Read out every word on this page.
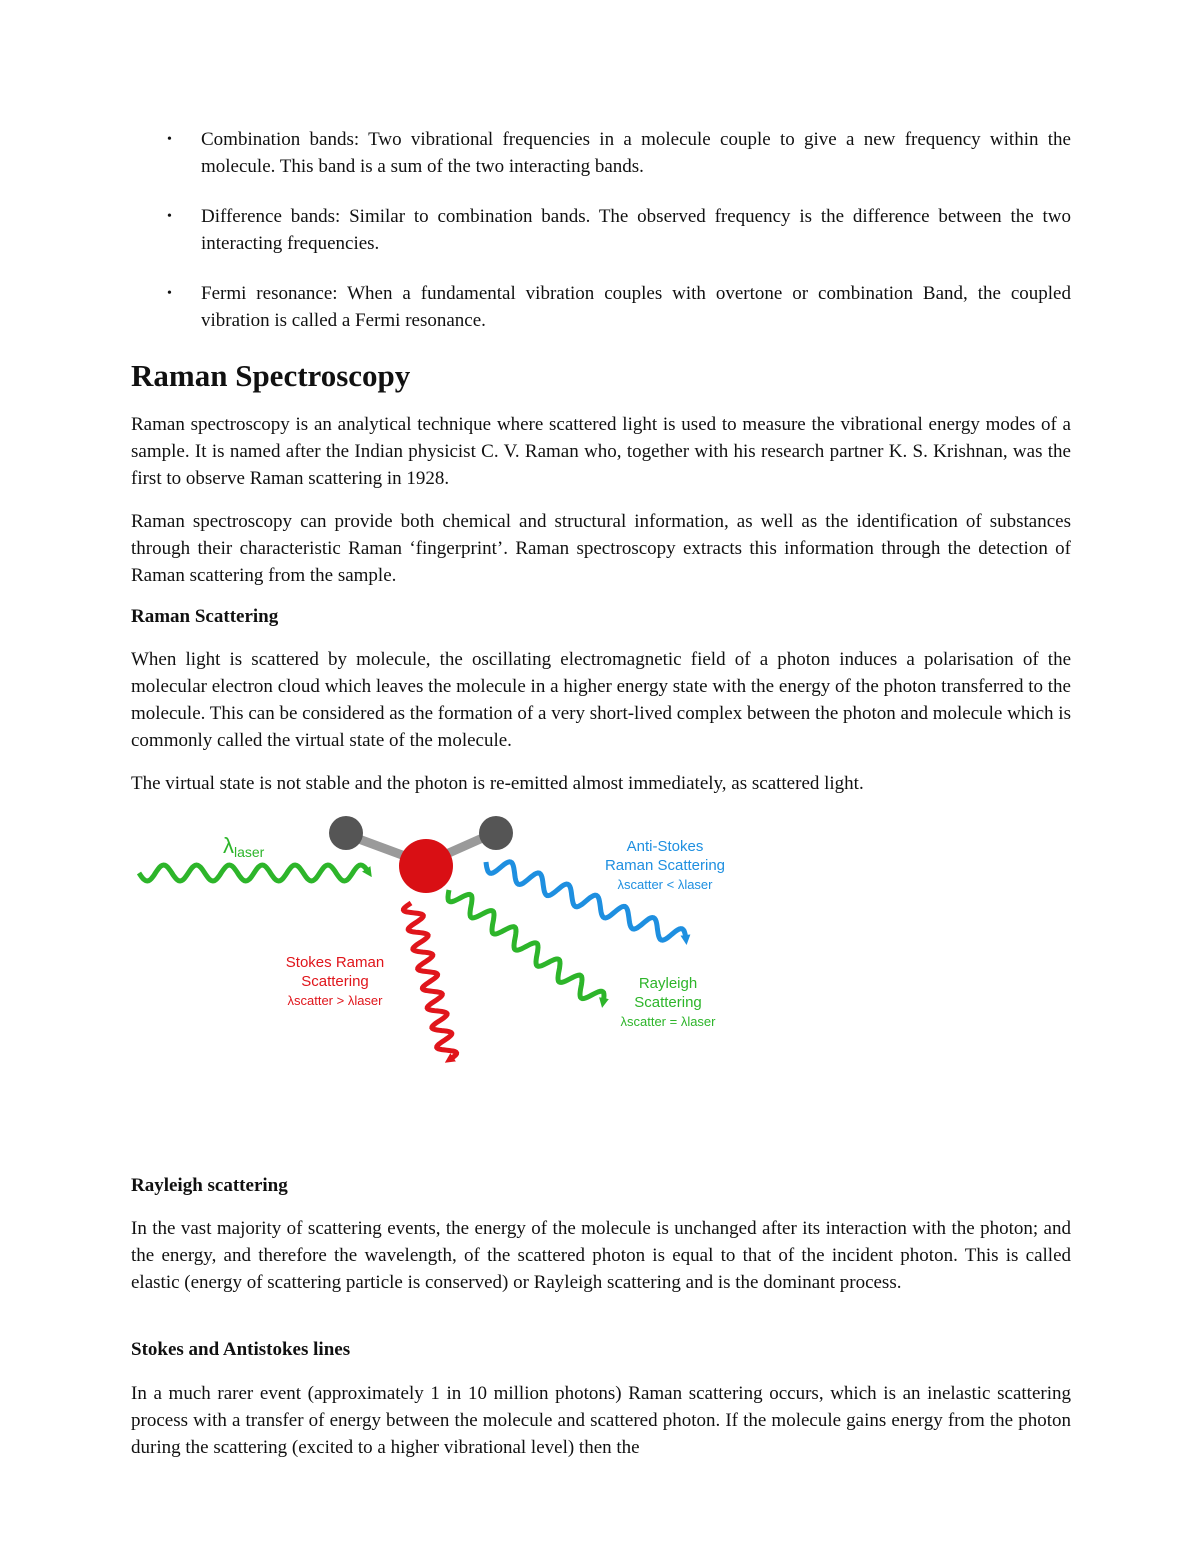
• Combination bands: Two vibrational frequencies in a molecule couple to give a new frequency within the molecule. This band is a sum of the two interacting bands.
• Difference bands: Similar to combination bands. The observed frequency is the difference between the two interacting frequencies.
• Fermi resonance: When a fundamental vibration couples with overtone or combination Band, the coupled vibration is called a Fermi resonance.
Raman Spectroscopy

Raman spectroscopy is an analytical technique where scattered light is used to measure the vibrational energy modes of a sample. It is named after the Indian physicist C. V. Raman who, together with his research partner K. S. Krishnan, was the first to observe Raman scattering in 1928.

Raman spectroscopy can provide both chemical and structural information, as well as the identification of substances through their characteristic Raman ‘fingerprint’. Raman spectroscopy extracts this information through the detection of Raman scattering from the sample.

Raman Scattering

When light is scattered by molecule, the oscillating electromagnetic field of a photon induces a polarisation of the molecular electron cloud which leaves the molecule in a higher energy state with the energy of the photon transferred to the molecule. This can be considered as the formation of a very short-lived complex between the photon and molecule which is commonly called the virtual state of the molecule.

The virtual state is not stable and the photon is re-emitted almost immediately, as scattered light.

Rayleigh scattering

In the vast majority of scattering events, the energy of the molecule is unchanged after its interaction with the photon; and the energy, and therefore the wavelength, of the scattered photon is equal to that of the incident photon. This is called elastic (energy of scattering particle is conserved) or Rayleigh scattering and is the dominant process.

Stokes and Antistokes lines

In a much rarer event (approximately 1 in 10 million photons) Raman scattering occurs, which is an inelastic scattering process with a transfer of energy between the molecule and scattered photon. If the molecule gains energy from the photon during the scattering (excited to a higher vibrational level) then the

λlaser	Anti-Stokes
Raman Scattering
λscatter < λlaser
Stokes Raman
Scattering
λscatter > λlaser
Rayleigh
Scattering
λscatter = λlaser
